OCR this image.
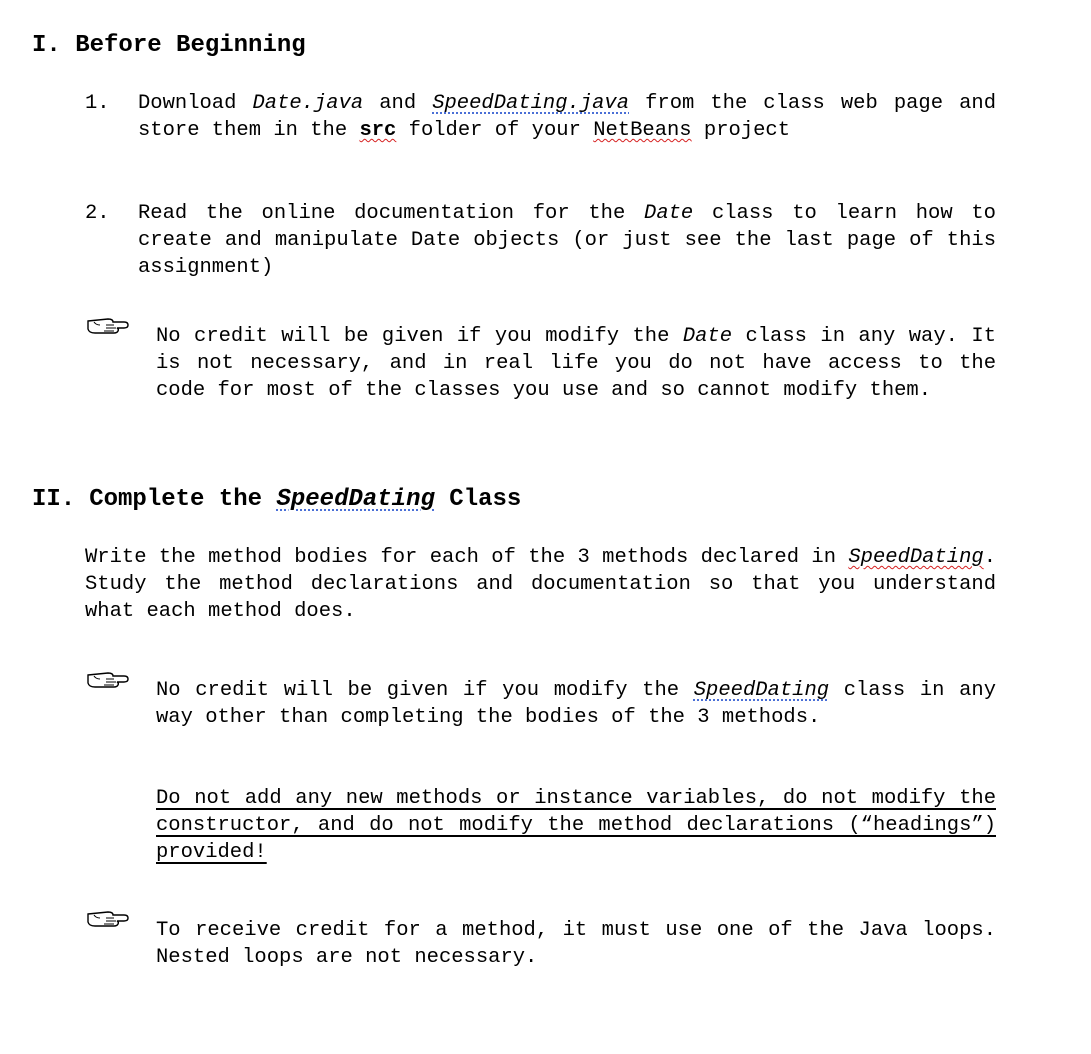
I. Before Beginning
1. Download Date.java and SpeedDating.java from the class web page and store them in the src folder of your NetBeans project

2. Read the online documentation for the Date class to learn how to create and manipulate Date objects (or just see the last page of this assignment)

No credit will be given if you modify the Date class in any way. It is not necessary, and in real life you do not have access to the code for most of the classes you use and so cannot modify them.

II. Complete the SpeedDating Class

Write the method bodies for each of the 3 methods declared in SpeedDating. Study the method declarations and documentation so that you understand what each method does.

No credit will be given if you modify the SpeedDating class in any way other than completing the bodies of the 3 methods.

Do not add any new methods or instance variables, do not modify the constructor, and do not modify the method declarations (“headings”) provided!

To receive credit for a method, it must use one of the Java loops. Nested loops are not necessary.
